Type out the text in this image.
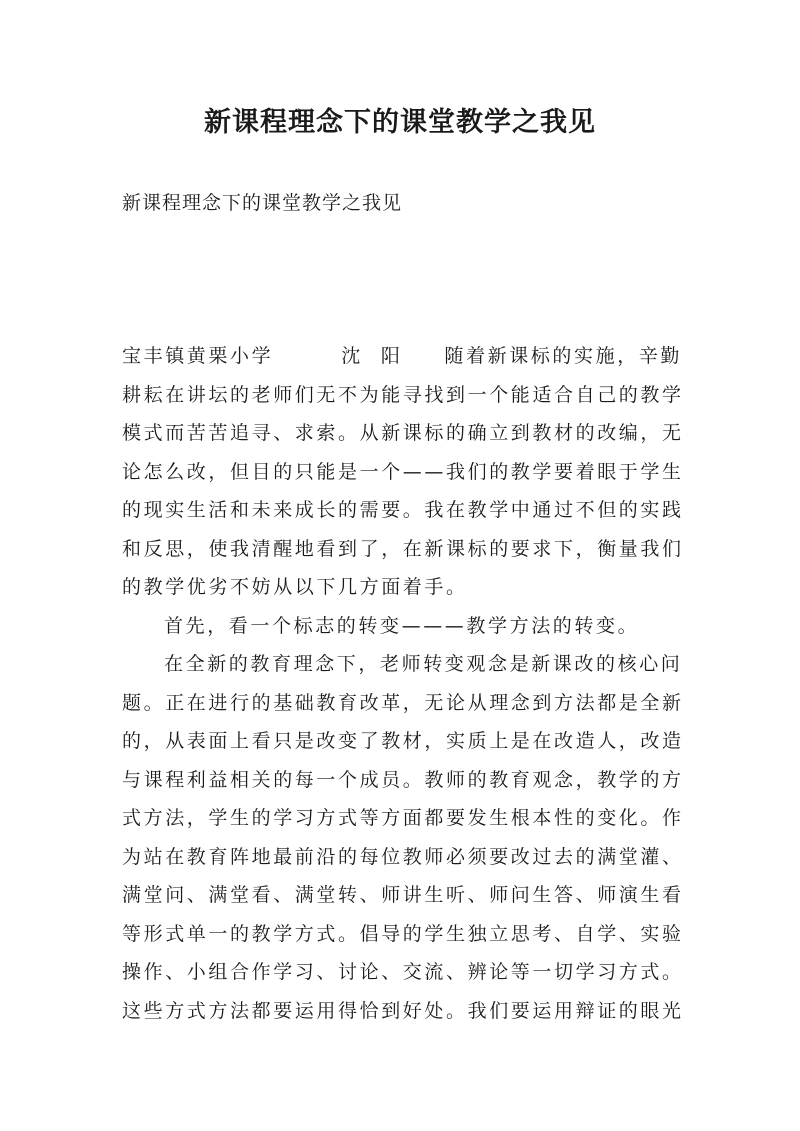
新课程理念下的课堂教学之我见

新课程理念下的课堂教学之我见

宝丰镇黄栗小学	沈 阳 随着新课标的实施，辛勤耕耘在讲坛的老师们无不为能寻找到一个能适合自己的教学模式而苦苦追寻、求索。从新课标的确立到教材的改编，无论怎么改，但目的只能是一个——我们的教学要着眼于学生的现实生活和未来成长的需要。我在教学中通过不但的实践和反思，使我清醒地看到了，在新课标的要求下，衡量我们的教学优劣不妨从以下几方面着手。

首先，看一个标志的转变———教学方法的转变。

在全新的教育理念下，老师转变观念是新课改的核心问题。正在进行的基础教育改革，无论从理念到方法都是全新的，从表面上看只是改变了教材，实质上是在改造人，改造与课程利益相关的每一个成员。教师的教育观念，教学的方式方法，学生的学习方式等方面都要发生根本性的变化。作为站在教育阵地最前沿的每位教师必须要改过去的满堂灌、满堂问、满堂看、满堂转、师讲生听、师问生答、师演生看等形式单一的教学方式。倡导的学生独立思考、自学、实验操作、小组合作学习、讨论、交流、辨论等一切学习方式。这些方式方法都要运用得恰到好处。我们要运用辩证的眼光
